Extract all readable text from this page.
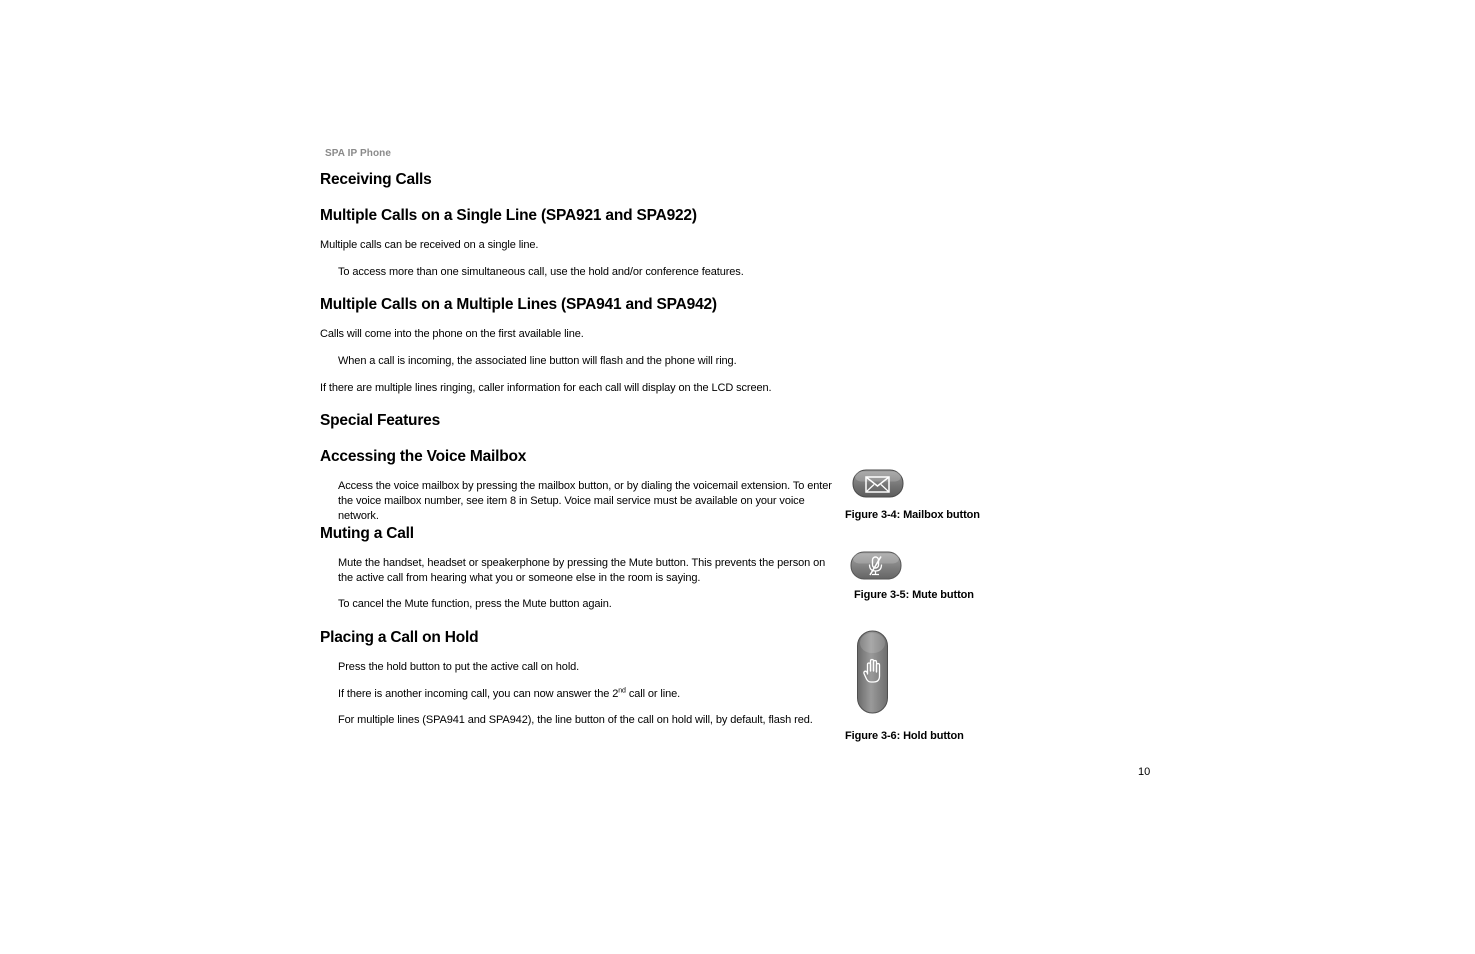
SPA IP Phone
Receiving Calls
Multiple Calls on a Single Line (SPA921 and SPA922)
Multiple calls can be received on a single line.
To access more than one simultaneous call, use the hold and/or conference features.
Multiple Calls on a Multiple Lines (SPA941 and SPA942)
Calls will come into the phone on the first available line.
When a call is incoming, the associated line button will flash and the phone will ring.
If there are multiple lines ringing, caller information for each call will display on the LCD screen.
Special Features
Accessing the Voice Mailbox
Access the voice mailbox by pressing the mailbox button, or by dialing the voicemail extension. To enter the voice mailbox number, see item 8 in Setup. Voice mail service must be available on your voice network.
Muting a Call
Mute the handset, headset or speakerphone by pressing the Mute button. This prevents the person on the active call from hearing what you or someone else in the room is saying.
To cancel the Mute function, press the Mute button again.
Placing a Call on Hold
Press the hold button to put the active call on hold.
If there is another incoming call, you can now answer the 2nd call or line.
For multiple lines (SPA941 and SPA942), the line button of the call on hold will, by default, flash red.
Figure 3-4: Mailbox button
Figure 3-5: Mute button
Figure 3-6: Hold button
10
